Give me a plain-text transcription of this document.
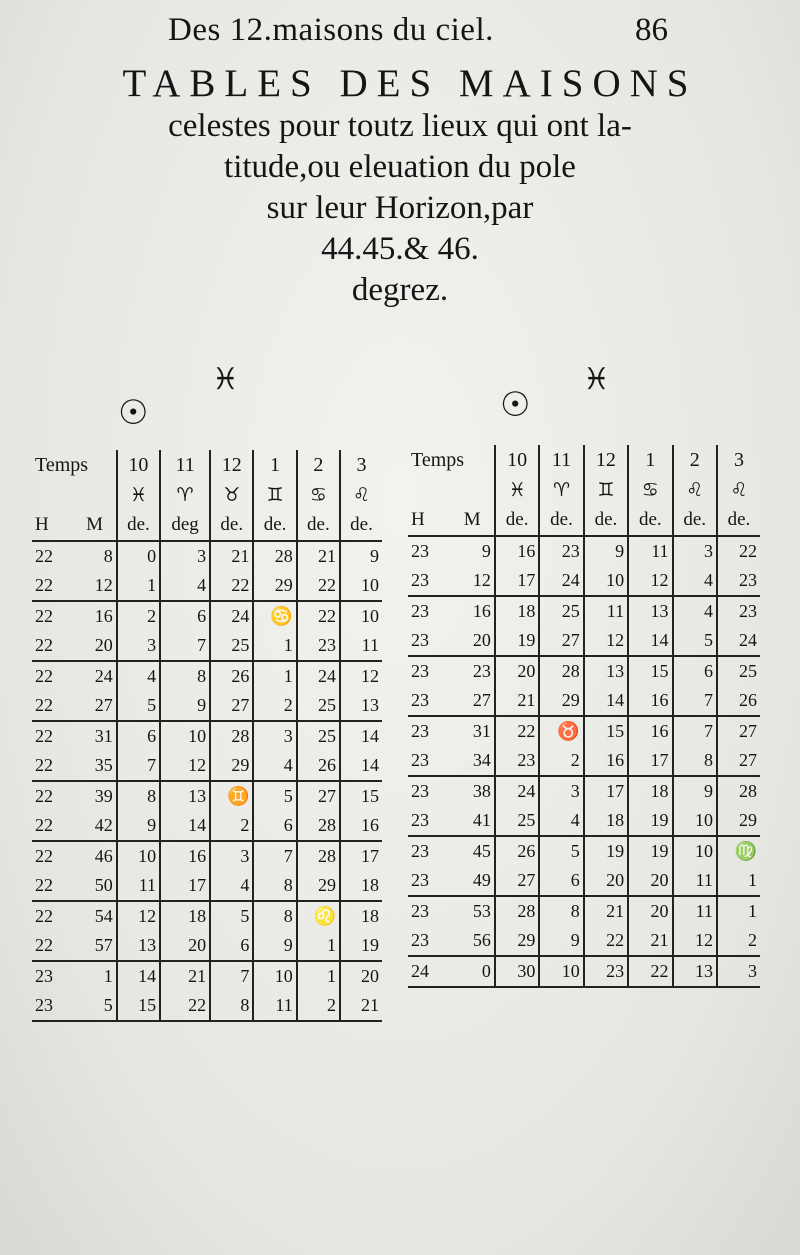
Des 12.maisons du ciel.	86
TABLES DES MAISONS
celestes pour toutz lieux qui ont la-
titude,ou eleuation du pole
sur leur Horizon,par
44.45.& 46.
degrez.
♓
☉
♓
☉
Temps		10	11	12	1	2	3
		♓	♈	♉	♊	♋	♌
H	M	de.	deg	de.	de.	de.	de.
22	8	0	3	21	28	21	9
22	12	1	4	22	29	22	10
22	16	2	6	24	♋	22	10
22	20	3	7	25	1	23	11
22	24	4	8	26	1	24	12
22	27	5	9	27	2	25	13
22	31	6	10	28	3	25	14
22	35	7	12	29	4	26	14
22	39	8	13	♊	5	27	15
22	42	9	14	2	6	28	16
22	46	10	16	3	7	28	17
22	50	11	17	4	8	29	18
22	54	12	18	5	8	♌	18
22	57	13	20	6	9	1	19
23	1	14	21	7	10	1	20
23	5	15	22	8	11	2	21
Temps		10	11	12	1	2	3
		♓	♈	♊	♋	♌	♌
H	M	de.	de.	de.	de.	de.	de.
23	9	16	23	9	11	3	22
23	12	17	24	10	12	4	23
23	16	18	25	11	13	4	23
23	20	19	27	12	14	5	24
23	23	20	28	13	15	6	25
23	27	21	29	14	16	7	26
23	31	22	♉	15	16	7	27
23	34	23	2	16	17	8	27
23	38	24	3	17	18	9	28
23	41	25	4	18	19	10	29
23	45	26	5	19	19	10	♍
23	49	27	6	20	20	11	1
23	53	28	8	21	20	11	1
23	56	29	9	22	21	12	2
24	0	30	10	23	22	13	3
